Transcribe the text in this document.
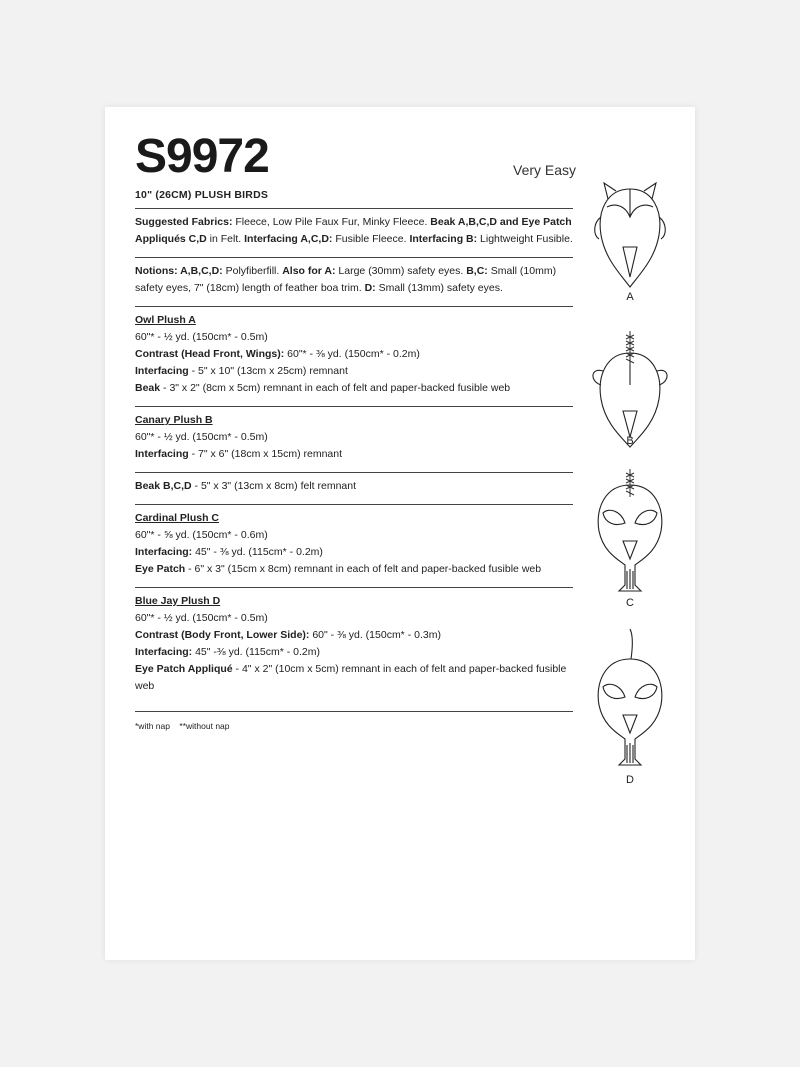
S9972	Very Easy
10" (26CM) PLUSH BIRDS

Suggested Fabrics: Fleece, Low Pile Faux Fur, Minky Fleece. Beak A,B,C,D and Eye Patch Appliqués C,D in Felt. Interfacing A,C,D: Fusible Fleece. Interfacing B: Lightweight Fusible.

Notions: A,B,C,D: Polyfiberfill. Also for A: Large (30mm) safety eyes. B,C: Small (10mm) safety eyes, 7" (18cm) length of feather boa trim. D: Small (13mm) safety eyes.

Owl Plush A

60"* - ½ yd. (150cm* - 0.5m)

Contrast (Head Front, Wings): 60"* - ⅜ yd. (150cm* - 0.2m)

Interfacing - 5" x 10" (13cm x 25cm) remnant

Beak - 3" x 2" (8cm x 5cm) remnant in each of felt and paper-backed fusible web

Canary Plush B

60"* - ½ yd. (150cm* - 0.5m)

Interfacing - 7" x 6" (18cm x 15cm) remnant

Beak B,C,D - 5" x 3" (13cm x 8cm) felt remnant

Cardinal Plush C

60"* - ⅝ yd. (150cm* - 0.6m)

Interfacing: 45" - ⅜ yd. (115cm* - 0.2m)

Eye Patch - 6" x 3" (15cm x 8cm) remnant in each of felt and paper-backed fusible web

Blue Jay Plush D

60"* - ½ yd. (150cm* - 0.5m)

Contrast (Body Front, Lower Side): 60" - ⅜ yd. (150cm* - 0.3m)

Interfacing: 45" -⅜ yd. (115cm* - 0.2m)

Eye Patch Appliqué - 4" x 2" (10cm x 5cm) remnant in each of felt and paper-backed fusible web

*with nap    **without nap
A
B
C
D
